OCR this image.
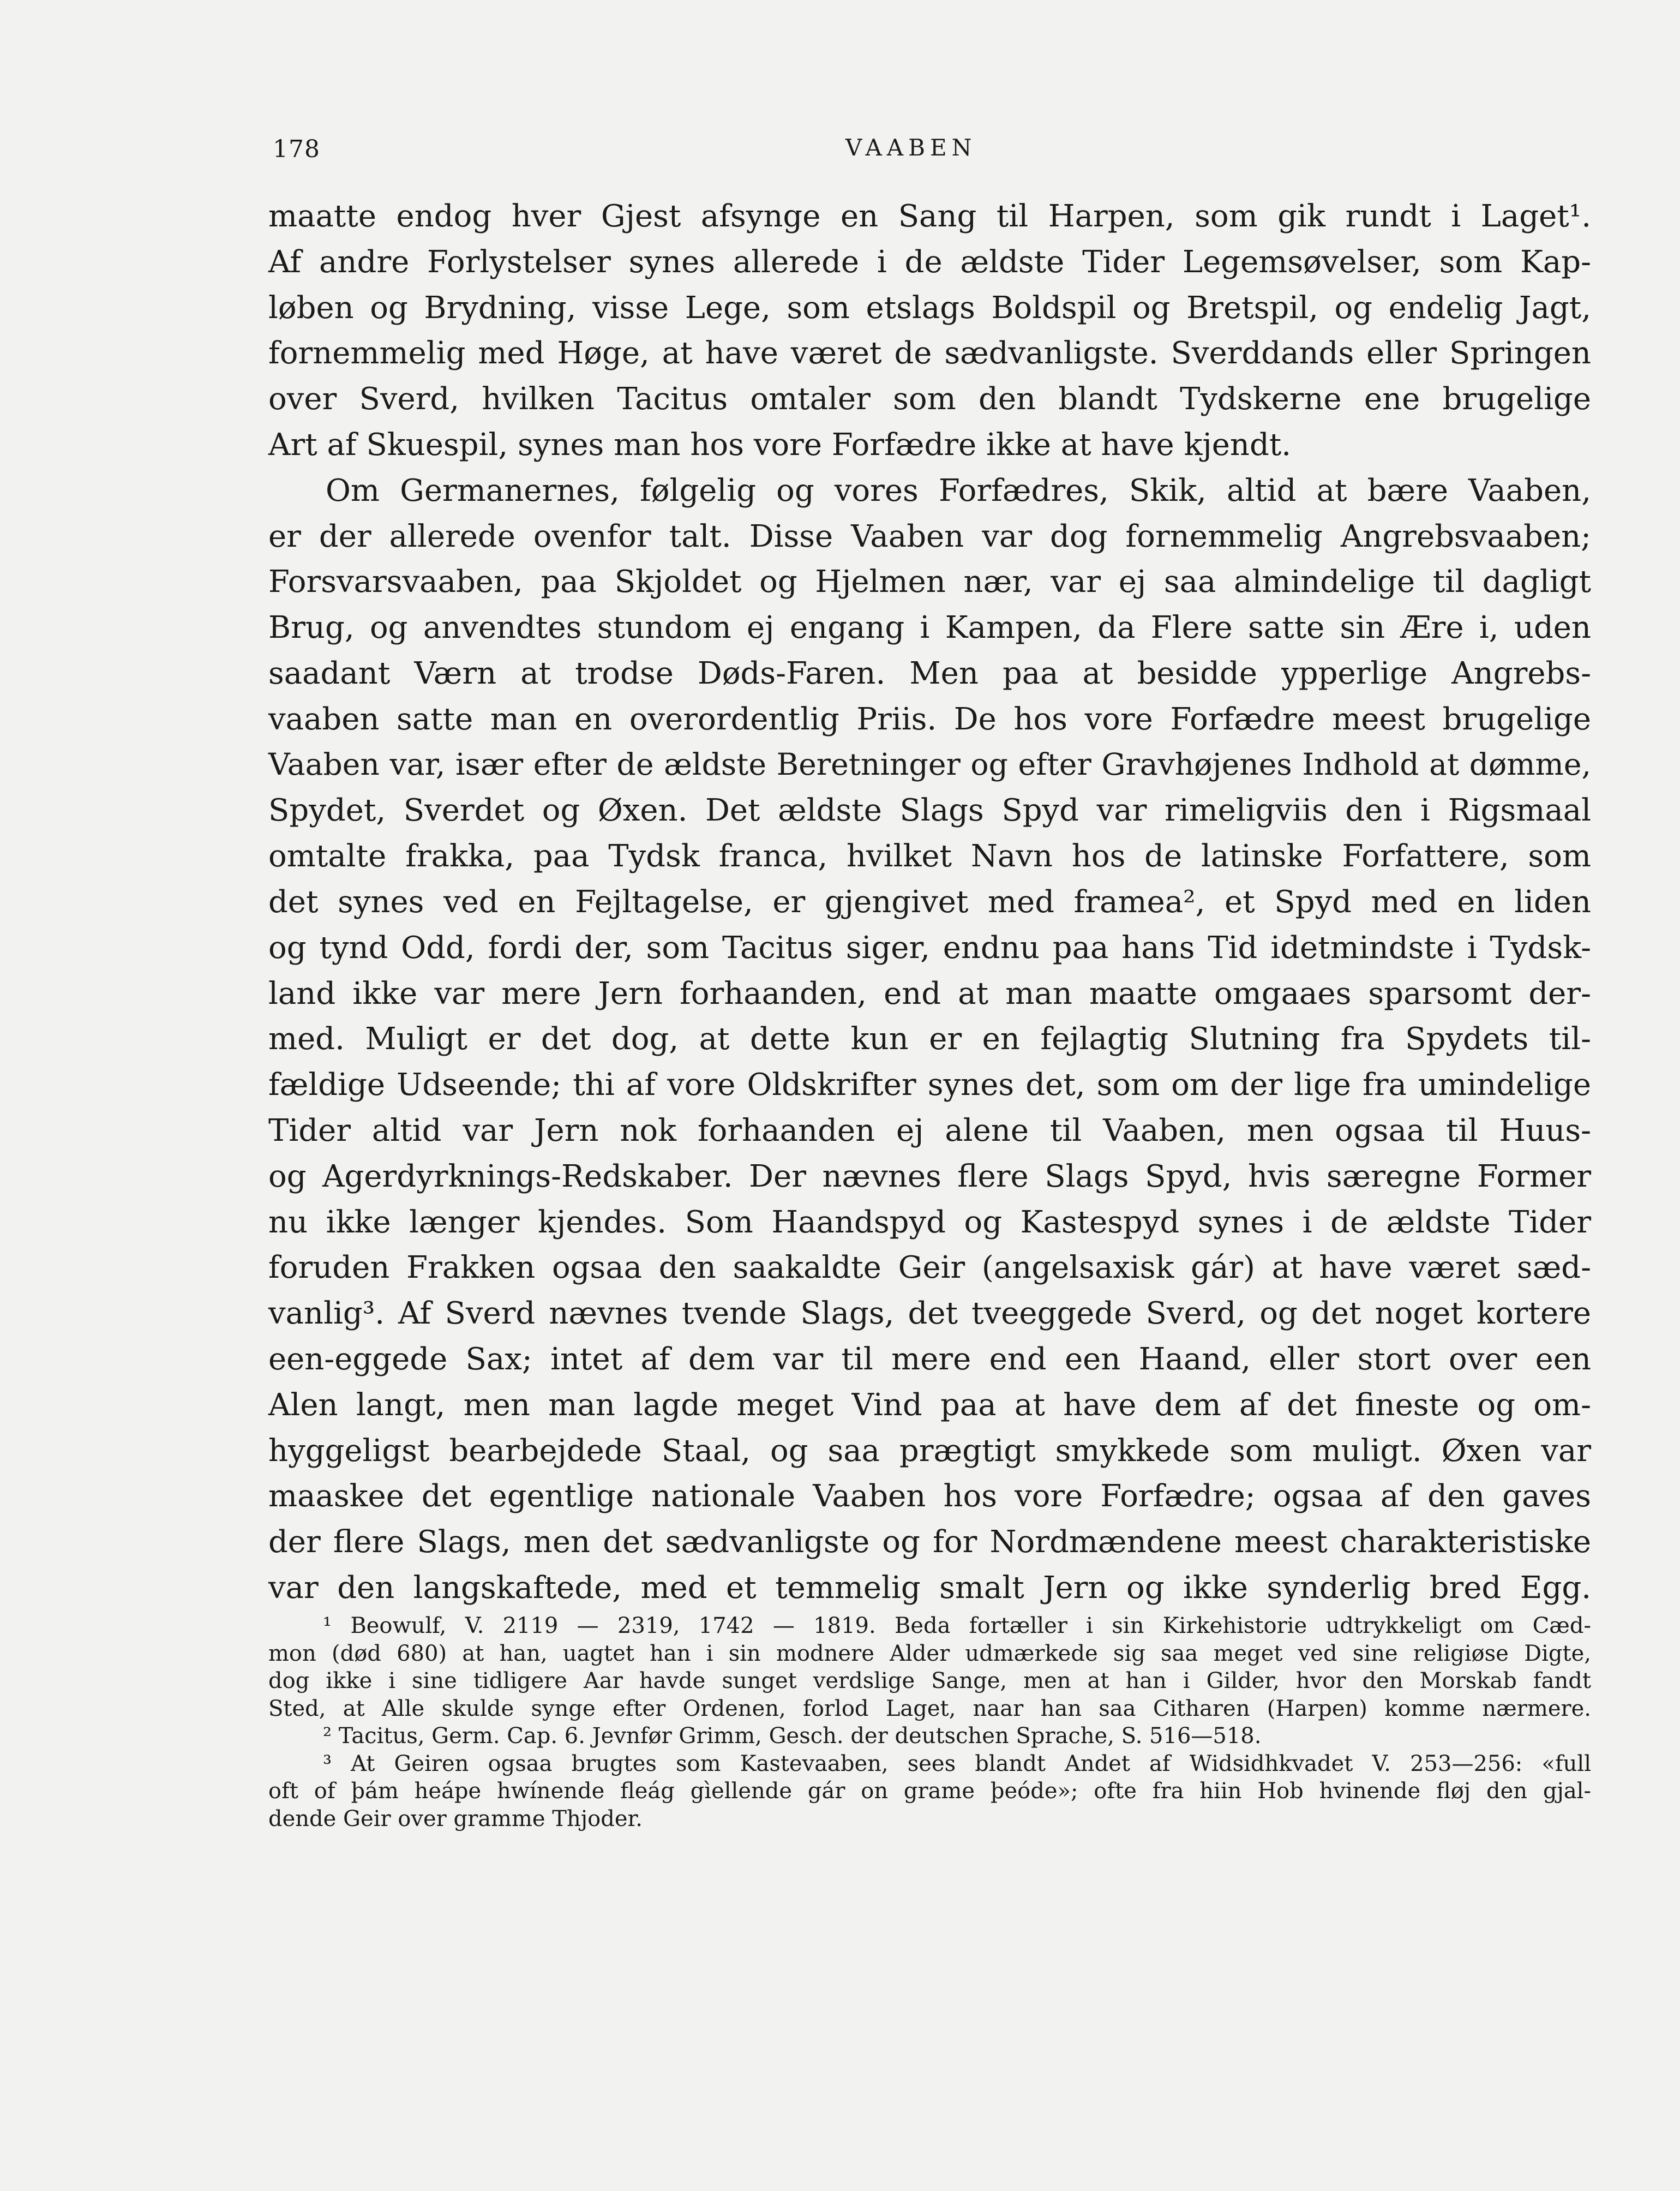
178	VAABEN
maatte endog hver Gjest afsynge en Sang til Harpen, som gik rundt i Laget¹.
Af andre Forlystelser synes allerede i de ældste Tider Legemsøvelser, som Kap-
løben og Brydning, visse Lege, som etslags Boldspil og Bretspil, og endelig Jagt,
fornemmelig med Høge, at have været de sædvanligste. Sverddands eller Springen
over Sverd, hvilken Tacitus omtaler som den blandt Tydskerne ene brugelige
Art af Skuespil, synes man hos vore Forfædre ikke at have kjendt.
Om Germanernes, følgelig og vores Forfædres, Skik, altid at bære Vaaben,
er der allerede ovenfor talt. Disse Vaaben var dog fornemmelig Angrebsvaaben;
Forsvarsvaaben, paa Skjoldet og Hjelmen nær, var ej saa almindelige til dagligt
Brug, og anvendtes stundom ej engang i Kampen, da Flere satte sin Ære i, uden
saadant Værn at trodse Døds-Faren. Men paa at besidde ypperlige Angrebs-
vaaben satte man en overordentlig Priis. De hos vore Forfædre meest brugelige
Vaaben var, især efter de ældste Beretninger og efter Gravhøjenes Indhold at dømme,
Spydet, Sverdet og Øxen. Det ældste Slags Spyd var rimeligviis den i Rigsmaal
omtalte frakka, paa Tydsk franca, hvilket Navn hos de latinske Forfattere, som
det synes ved en Fejltagelse, er gjengivet med framea², et Spyd med en liden
og tynd Odd, fordi der, som Tacitus siger, endnu paa hans Tid idetmindste i Tydsk-
land ikke var mere Jern forhaanden, end at man maatte omgaaes sparsomt der-
med. Muligt er det dog, at dette kun er en fejlagtig Slutning fra Spydets til-
fældige Udseende; thi af vore Oldskrifter synes det, som om der lige fra umindelige
Tider altid var Jern nok forhaanden ej alene til Vaaben, men ogsaa til Huus-
og Agerdyrknings-Redskaber. Der nævnes flere Slags Spyd, hvis særegne Former
nu ikke længer kjendes. Som Haandspyd og Kastespyd synes i de ældste Tider
foruden Frakken ogsaa den saakaldte Geir (angelsaxisk gár) at have været sæd-
vanlig³. Af Sverd nævnes tvende Slags, det tveeggede Sverd, og det noget kortere
een-eggede Sax; intet af dem var til mere end een Haand, eller stort over een
Alen langt, men man lagde meget Vind paa at have dem af det fineste og om-
hyggeligst bearbejdede Staal, og saa prægtigt smykkede som muligt. Øxen var
maaskee det egentlige nationale Vaaben hos vore Forfædre; ogsaa af den gaves
der flere Slags, men det sædvanligste og for Nordmændene meest charakteristiske
var den langskaftede, med et temmelig smalt Jern og ikke synderlig bred Egg.
¹ Beowulf, V. 2119 — 2319, 1742 — 1819. Beda fortæller i sin Kirkehistorie udtrykkeligt om Cæd-
mon (død 680) at han, uagtet han i sin modnere Alder udmærkede sig saa meget ved sine religiøse Digte,
dog ikke i sine tidligere Aar havde sunget verdslige Sange, men at han i Gilder, hvor den Morskab fandt
Sted, at Alle skulde synge efter Ordenen, forlod Laget, naar han saa Citharen (Harpen) komme nærmere.
² Tacitus, Germ. Cap. 6. Jevnfør Grimm, Gesch. der deutschen Sprache, S. 516—518.
³ At Geiren ogsaa brugtes som Kastevaaben, sees blandt Andet af Widsidhkvadet V. 253—256: «full
oft of þám heápe hwínende fleág gìellende gár on grame þeóde»; ofte fra hiin Hob hvinende fløj den gjal-
dende Geir over gramme Thjoder.
